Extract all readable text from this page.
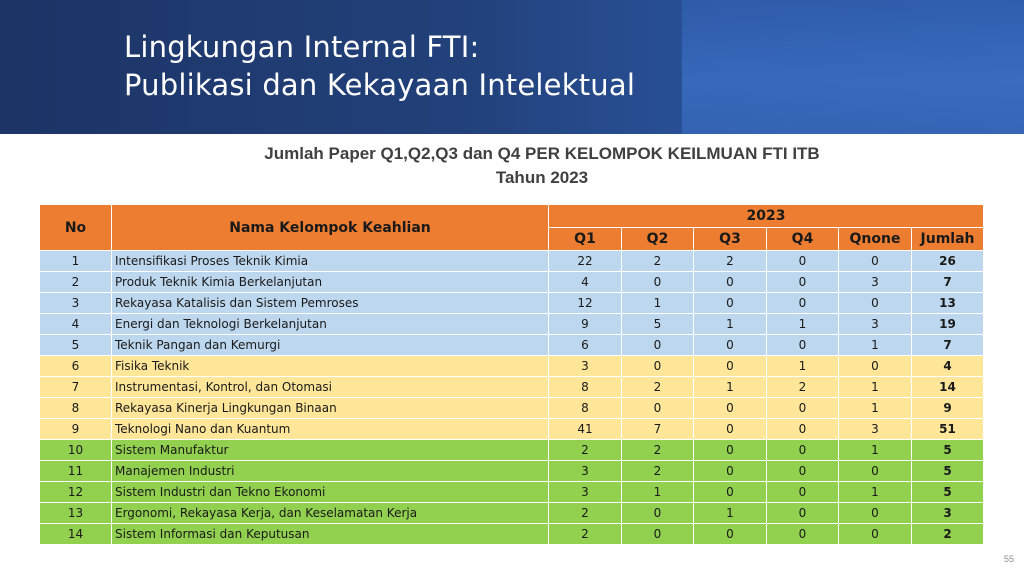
Lingkungan Internal FTI:
Publikasi dan Kekayaan Intelektual
Jumlah Paper Q1,Q2,Q3 dan Q4 PER KELOMPOK KEILMUAN FTI ITB
Tahun 2023
No	Nama Kelompok Keahlian	2023					
		Q1	Q2	Q3	Q4	Qnone	Jumlah
1	Intensifikasi Proses Teknik Kimia	22	2	2	0	0	26
2	Produk Teknik Kimia Berkelanjutan	4	0	0	0	3	7
3	Rekayasa Katalisis dan Sistem Pemroses	12	1	0	0	0	13
4	Energi dan Teknologi Berkelanjutan	9	5	1	1	3	19
5	Teknik Pangan dan Kemurgi	6	0	0	0	1	7
6	Fisika Teknik	3	0	0	1	0	4
7	Instrumentasi, Kontrol, dan Otomasi	8	2	1	2	1	14
8	Rekayasa Kinerja Lingkungan Binaan	8	0	0	0	1	9
9	Teknologi Nano dan Kuantum	41	7	0	0	3	51
10	Sistem Manufaktur	2	2	0	0	1	5
11	Manajemen Industri	3	2	0	0	0	5
12	Sistem Industri dan Tekno Ekonomi	3	1	0	0	1	5
13	Ergonomi, Rekayasa Kerja, dan Keselamatan Kerja	2	0	1	0	0	3
14	Sistem Informasi dan Keputusan	2	0	0	0	0	2
55
